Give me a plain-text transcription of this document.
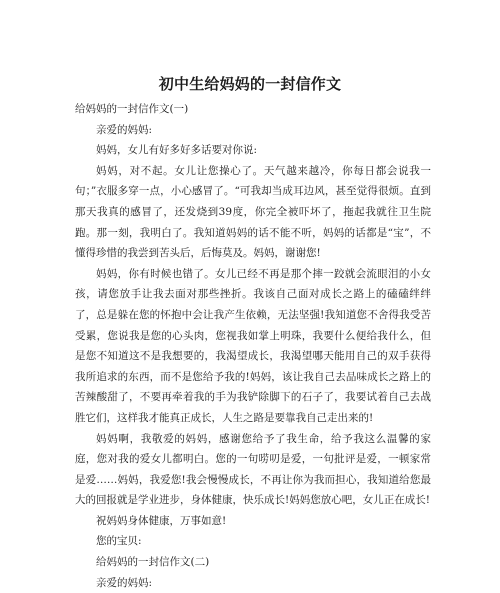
初中生给妈妈的一封信作文

给妈妈的一封信作文(一)

亲爱的妈妈:

妈妈，女儿有好多好多话要对你说:

妈妈，对不起。女儿让您操心了。天气越来越冷，你每日都会说我一句；”衣服多穿一点，小心感冒了。“可我却当成耳边风，甚至觉得很烦。直到那天我真的感冒了，还发烧到39度，你完全被吓坏了，拖起我就往卫生院跑。那一刻，我明白了。我知道妈妈的话不能不听，妈妈的话都是“宝”，不懂得珍惜的我尝到苦头后，后悔莫及。妈妈，谢谢您!

妈妈，你有时候也错了。女儿已经不再是那个摔一跤就会流眼泪的小女孩，请您放手让我去面对那些挫折。我该自己面对成长之路上的磕磕绊绊了，总是躲在您的怀抱中会让我产生依赖，无法坚强!我知道您不舍得我受苦受累，您说我是您的心头肉，您视我如掌上明珠，我要什么便给我什么，但是您不知道这不是我想要的，我渴望成长，我渴望哪天能用自己的双手获得我所追求的东西，而不是您给予我的!妈妈，该让我自己去品味成长之路上的苦辣酸甜了，不要再牵着我的手为我铲除脚下的石子了，我要试着自己去战胜它们，这样我才能真正成长，人生之路是要靠我自己走出来的!

妈妈啊，我敬爱的妈妈，感谢您给予了我生命，给予我这么温馨的家庭，您对我的爱女儿都明白。您的一句唠叨是爱，一句批评是爱，一顿家常是爱……妈妈，我爱您!我会慢慢成长，不再让你为我而担心，我知道给您最大的回报就是学业进步，身体健康，快乐成长!妈妈您放心吧，女儿正在成长!

祝妈妈身体健康，万事如意!

您的宝贝:

给妈妈的一封信作文(二)

亲爱的妈妈:
